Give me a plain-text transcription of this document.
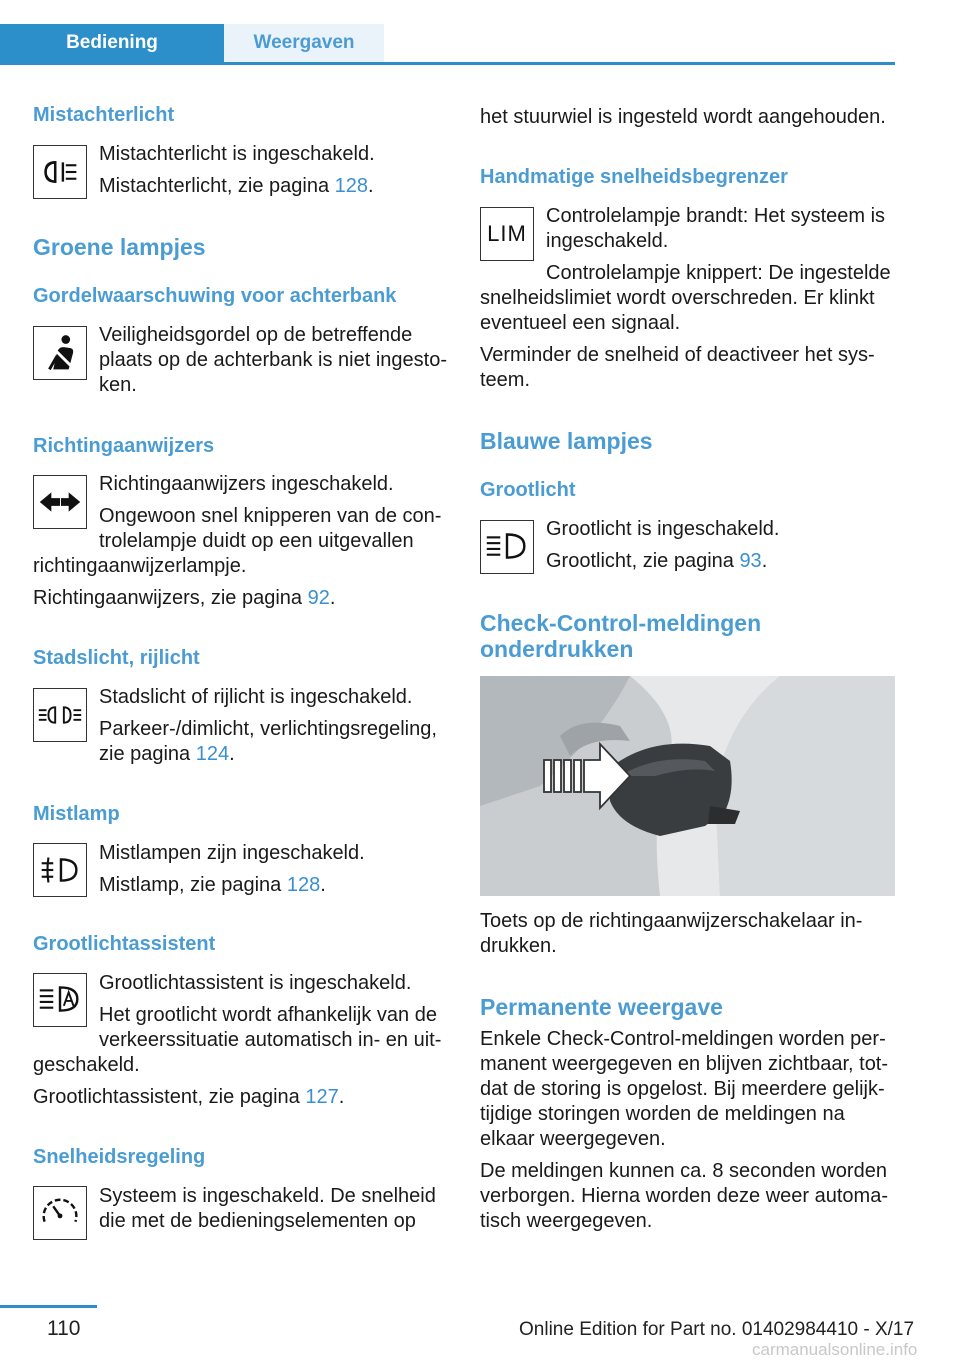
Bediening	Weergaven
Mistachterlicht
Mistachterlicht is ingeschakeld.
Mistachterlicht, zie pagina 128.
Groene lampjes
Gordelwaarschuwing voor achterbank
Veiligheidsgordel op de betreffende
plaats op de achterbank is niet ingesto-
ken.
Richtingaanwijzers
Richtingaanwijzers ingeschakeld.
Ongewoon snel knipperen van de con-
trolelampje duidt op een uitgevallen
richtingaanwijzerlampje.
Richtingaanwijzers, zie pagina 92.
Stadslicht, rijlicht
Stadslicht of rijlicht is ingeschakeld.
Parkeer-/dimlicht, verlichtingsregeling,
zie pagina 124.
Mistlamp
Mistlampen zijn ingeschakeld.
Mistlamp, zie pagina 128.
Grootlichtassistent
Grootlichtassistent is ingeschakeld.
Het grootlicht wordt afhankelijk van de
verkeerssituatie automatisch in- en uit-
geschakeld.
Grootlichtassistent, zie pagina 127.
Snelheidsregeling
Systeem is ingeschakeld. De snelheid
die met de bedieningselementen op
het stuurwiel is ingesteld wordt aangehouden.
Handmatige snelheidsbegrenzer
LIM
Controlelampje brandt: Het systeem is
ingeschakeld.
Controlelampje knippert: De ingestelde
snelheidslimiet wordt overschreden. Er klinkt
eventueel een signaal.
Verminder de snelheid of deactiveer het sys-
teem.
Blauwe lampjes
Grootlicht
Grootlicht is ingeschakeld.
Grootlicht, zie pagina 93.
Check-Control-meldingen
onderdrukken
Toets op de richtingaanwijzerschakelaar in-
drukken.
Permanente weergave
Enkele Check-Control-meldingen worden per-
manent weergegeven en blijven zichtbaar, tot-
dat de storing is opgelost. Bij meerdere gelijk-
tijdige storingen worden de meldingen na
elkaar weergegeven.
De meldingen kunnen ca. 8 seconden worden
verborgen. Hierna worden deze weer automa-
tisch weergegeven.
110	Online Edition for Part no. 01402984410 - X/17
carmanualsonline.info
